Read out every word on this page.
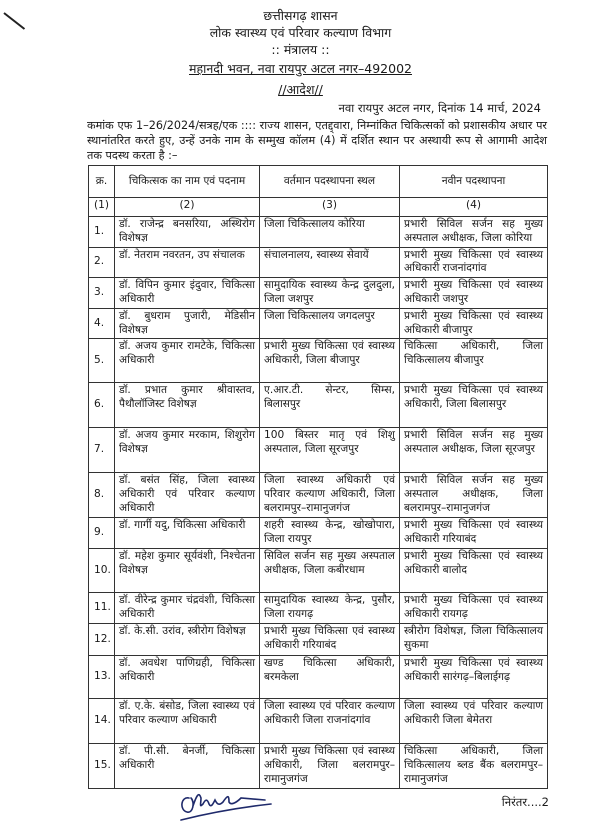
छत्तीसगढ़ शासन
लोक स्वास्थ्य एवं परिवार कल्याण विभाग
:: मंत्रालय ::
महानदी भवन, नवा रायपुर अटल नगर–492002
//आदेश//
नवा रायपुर अटल नगर, दिनांक 14 मार्च, 2024
कमांक एफ 1–26/2024/सत्रह/एक :::: राज्य शासन, एतद्द्वारा, निम्नांकित चिकित्सकों को प्रशासकीय अधार पर स्थानांतरित करते हुए, उन्हें उनके नाम के सम्मुख कॉलम (4) में दर्शित स्थान पर अस्थायी रूप से आगामी आदेश तक पदस्थ करता है :–
क्र.	चिकित्सक का नाम एवं पदनाम	वर्तमान पदस्थापना स्थल	नवीन पदस्थापना
(1)	(2)	(3)	(4)
1.	डॉ. राजेन्द्र बनसरिया, अस्थिरोग विशेषज्ञ	जिला चिकित्सालय कोरिया	प्रभारी सिविल सर्जन सह मुख्य अस्पताल अधीक्षक, जिला कोरिया
2.	डॉ. नेतराम नवरतन, उप संचालक	संचालनालय, स्वास्थ्य सेवायें	प्रभारी मुख्य चिकित्सा एवं स्वास्थ्य अधिकारी राजनांदगांव
3.	डॉ. विपिन कुमार इंदुवार, चिकित्सा अधिकारी	सामुदायिक स्वास्थ्य केन्द्र दुलदुला, जिला जशपुर	प्रभारी मुख्य चिकित्सा एवं स्वास्थ्य अधिकारी जशपुर
4.	डॉ. बुधराम पुजारी, मेडिसीन विशेषज्ञ	जिला चिकित्सालय जगदलपुर	प्रभारी मुख्य चिकित्सा एवं स्वास्थ्य अधिकारी बीजापुर
5.	डॉ. अजय कुमार रामटेके, चिकित्सा अधिकारी	प्रभारी मुख्य चिकित्सा एवं स्वास्थ्य अधिकारी, जिला बीजापुर	चिकित्सा अधिकारी, जिला चिकित्सालय बीजापुर
6.	डॉ. प्रभात कुमार श्रीवास्तव, पैथौलॉजिस्ट विशेषज्ञ	ए.आर.टी. सेन्टर, सिम्स, बिलासपुर	प्रभारी मुख्य चिकित्सा एवं स्वास्थ्य अधिकारी, जिला बिलासपुर
7.	डॉ. अजय कुमार मरकाम, शिशुरोग विशेषज्ञ	100 बिस्तर मातृ एवं शिशु अस्पताल, जिला सूरजपुर	प्रभारी सिविल सर्जन सह मुख्य अस्पताल अधीक्षक, जिला सूरजपुर
8.	डॉ. बसंत सिंह, जिला स्वास्थ्य अधिकारी एवं परिवार कल्याण अधिकारी	जिला स्वास्थ्य अधिकारी एवं परिवार कल्याण अधिकारी, जिला बलरामपुर–रामानुजगंज	प्रभारी सिविल सर्जन सह मुख्य अस्पताल अधीक्षक, जिला बलरामपुर–रामानुजगंज
9.	डॉ. गार्गी यदु, चिकित्सा अधिकारी	शहरी स्वास्थ्य केन्द्र, खोखोपारा, जिला रायपुर	प्रभारी मुख्य चिकित्सा एवं स्वास्थ्य अधिकारी गरियाबंद
10.	डॉ. महेश कुमार सूर्यवंशी, निश्चेतना विशेषज्ञ	सिविल सर्जन सह मुख्य अस्पताल अधीक्षक, जिला कबीरधाम	प्रभारी मुख्य चिकित्सा एवं स्वास्थ्य अधिकारी बालोद
11.	डॉ. वीरेन्द्र कुमार चंद्रवंशी, चिकित्सा अधिकारी	सामुदायिक स्वास्थ्य केन्द्र, पुसौर, जिला रायगढ़	प्रभारी मुख्य चिकित्सा एवं स्वास्थ्य अधिकारी रायगढ़
12.	डॉ. के.सी. उरांव, स्त्रीरोग विशेषज्ञ	प्रभारी मुख्य चिकित्सा एवं स्वास्थ्य अधिकारी गरियाबंद	स्त्रीरोग विशेषज्ञ, जिला चिकित्सालय सुकमा
13.	डॉ. अवधेश पाणिग्रही, चिकित्सा अधिकारी	खण्ड चिकित्सा अधिकारी, बरमकेला	प्रभारी मुख्य चिकित्सा एवं स्वास्थ्य अधिकारी सारंगढ़–बिलाईगढ़
14.	डॉ. ए.के. बंसोड, जिला स्वास्थ्य एवं परिवार कल्याण अधिकारी	जिला स्वास्थ्य एवं परिवार कल्याण अधिकारी जिला राजनांदगांव	जिला स्वास्थ्य एवं परिवार कल्याण अधिकारी जिला बेमेतरा
15.	डॉ. पी.सी. बेनर्जी, चिकित्सा अधिकारी	प्रभारी मुख्य चिकित्सा एवं स्वास्थ्य अधिकारी, जिला बलरामपुर– रामानुजगंज	चिकित्सा अधिकारी, जिला चिकित्सालय ब्लड बैंक बलरामपुर–रामानुजगंज
निरंतर....2
